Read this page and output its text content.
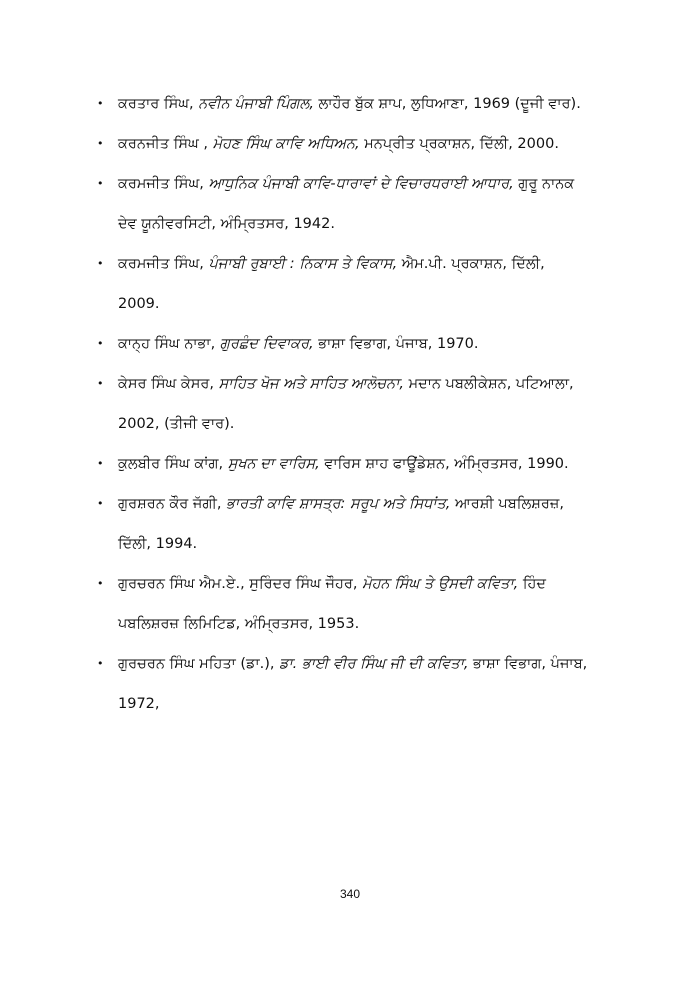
• ਕਰਤਾਰ ਸਿੰਘ, ਨਵੀਨ ਪੰਜਾਬੀ ਪਿੰਗਲ, ਲਾਹੌਰ ਬੁੱਕ ਸ਼ਾਪ, ਲੁਧਿਆਣਾ, 1969 (ਦੂਜੀ ਵਾਰ).
• ਕਰਨਜੀਤ ਸਿੰਘ , ਮੋਹਣ ਸਿੰਘ ਕਾਵਿ ਅਧਿਅਨ, ਮਨਪ੍ਰੀਤ ਪ੍ਰਕਾਸ਼ਨ, ਦਿੱਲੀ, 2000.
• ਕਰਮਜੀਤ ਸਿੰਘ, ਆਧੁਨਿਕ ਪੰਜਾਬੀ ਕਾਵਿ-ਧਾਰਾਵਾਂ ਦੇ ਵਿਚਾਰਧਰਾਈ ਆਧਾਰ, ਗੁਰੂ ਨਾਨਕ ਦੇਵ ਯੂਨੀਵਰਸਿਟੀ, ਅੰਮ੍ਰਿਤਸਰ, 1942.
• ਕਰਮਜੀਤ ਸਿੰਘ, ਪੰਜਾਬੀ ਰੁਬਾਈ : ਨਿਕਾਸ ਤੇ ਵਿਕਾਸ, ਐਮ.ਪੀ. ਪ੍ਰਕਾਸ਼ਨ, ਦਿੱਲੀ, 2009.
• ਕਾਨ੍ਹ ਸਿੰਘ ਨਾਭਾ, ਗੁਰਛੰਦ ਦਿਵਾਕਰ, ਭਾਸ਼ਾ ਵਿਭਾਗ, ਪੰਜਾਬ, 1970.
• ਕੇਸਰ ਸਿੰਘ ਕੇਸਰ, ਸਾਹਿਤ ਖੋਜ ਅਤੇ ਸਾਹਿਤ ਆਲੋਚਨਾ, ਮਦਾਨ ਪਬਲੀਕੇਸ਼ਨ, ਪਟਿਆਲਾ, 2002, (ਤੀਜੀ ਵਾਰ).
• ਕੁਲਬੀਰ ਸਿੰਘ ਕਾਂਗ, ਸੁਖਨ ਦਾ ਵਾਰਿਸ, ਵਾਰਿਸ ਸ਼ਾਹ ਫਾਊਂਡੇਸ਼ਨ, ਅੰਮ੍ਰਿਤਸਰ, 1990.
• ਗੁਰਸ਼ਰਨ ਕੌਰ ਜੱਗੀ, ਭਾਰਤੀ ਕਾਵਿ ਸ਼ਾਸਤ੍ਰ: ਸਰੂਪ ਅਤੇ ਸਿਧਾਂਤ, ਆਰਸ਼ੀ ਪਬਲਿਸ਼ਰਜ਼, ਦਿੱਲੀ, 1994.
• ਗੁਰਚਰਨ ਸਿੰਘ ਐਮ.ਏ., ਸੁਰਿੰਦਰ ਸਿੰਘ ਜੌਹਰ, ਮੋਹਨ ਸਿੰਘ ਤੇ ਉਸਦੀ ਕਵਿਤਾ, ਹਿੰਦ ਪਬਲਿਸ਼ਰਜ਼ ਲਿਮਿਟਿਡ, ਅੰਮ੍ਰਿਤਸਰ, 1953.
• ਗੁਰਚਰਨ ਸਿੰਘ ਮਹਿਤਾ (ਡਾ.), ਡਾ. ਭਾਈ ਵੀਰ ਸਿੰਘ ਜੀ ਦੀ ਕਵਿਤਾ, ਭਾਸ਼ਾ ਵਿਭਾਗ, ਪੰਜਾਬ, 1972,
340
